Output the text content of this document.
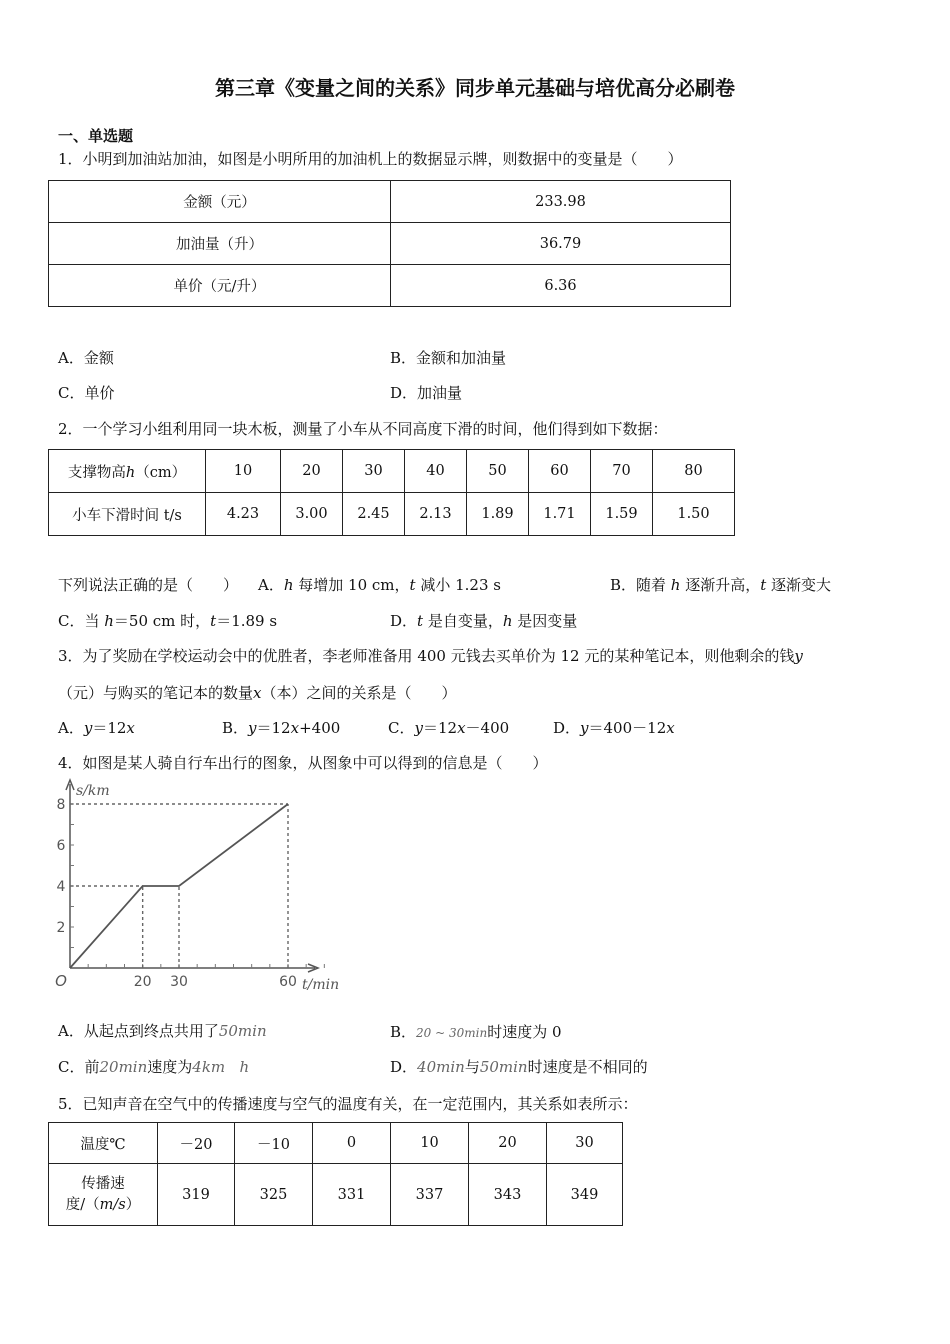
第三章《变量之间的关系》同步单元基础与培优高分必刷卷
一、单选题
1．小明到加油站加油，如图是小明所用的加油机上的数据显示牌，则数据中的变量是（　　）
金额（元）	233.98
加油量（升）	36.79
单价（元/升）	6.36
A．金额	B．金额和加油量
C．单价	D．加油量
2．一个学习小组利用同一块木板，测量了小车从不同高度下滑的时间，他们得到如下数据：
支撑物高h（cm）	10	20	30	40	50	60	70	80
小车下滑时间 t/s	4.23	3.00	2.45	2.13	1.89	1.71	1.59	1.50
下列说法正确的是（　　） A．h 每增加 10 cm，t 减小 1.23 s	B．随着 h 逐渐升高，t 逐渐变大
C．当 h＝50 cm 时，t＝1.89 s	D．t 是自变量，h 是因变量
3．为了奖励在学校运动会中的优胜者，李老师准备用 400 元钱去买单价为 12 元的某种笔记本，则他剩余的钱y
（元）与购买的笔记本的数量x（本）之间的关系是（　　）
A．y＝12x	B．y＝12x+400	C．y＝12x－400	D．y＝400－12x
4．如图是某人骑自行车出行的图象，从图象中可以得到的信息是（　　）
2
4
6
8
20 30	60
O
s/km
t/min
A．从起点到终点共用了50min	B．20 ~ 30min时速度为 0
C．前20min速度为4km   h	D．40min与50min时速度是不相同的
5．已知声音在空气中的传播速度与空气的温度有关，在一定范围内，其关系如表所示：
温度℃	－20	－10	0	10	20	30
传播速
度/（m/s）	319	325	331	337	343	349
